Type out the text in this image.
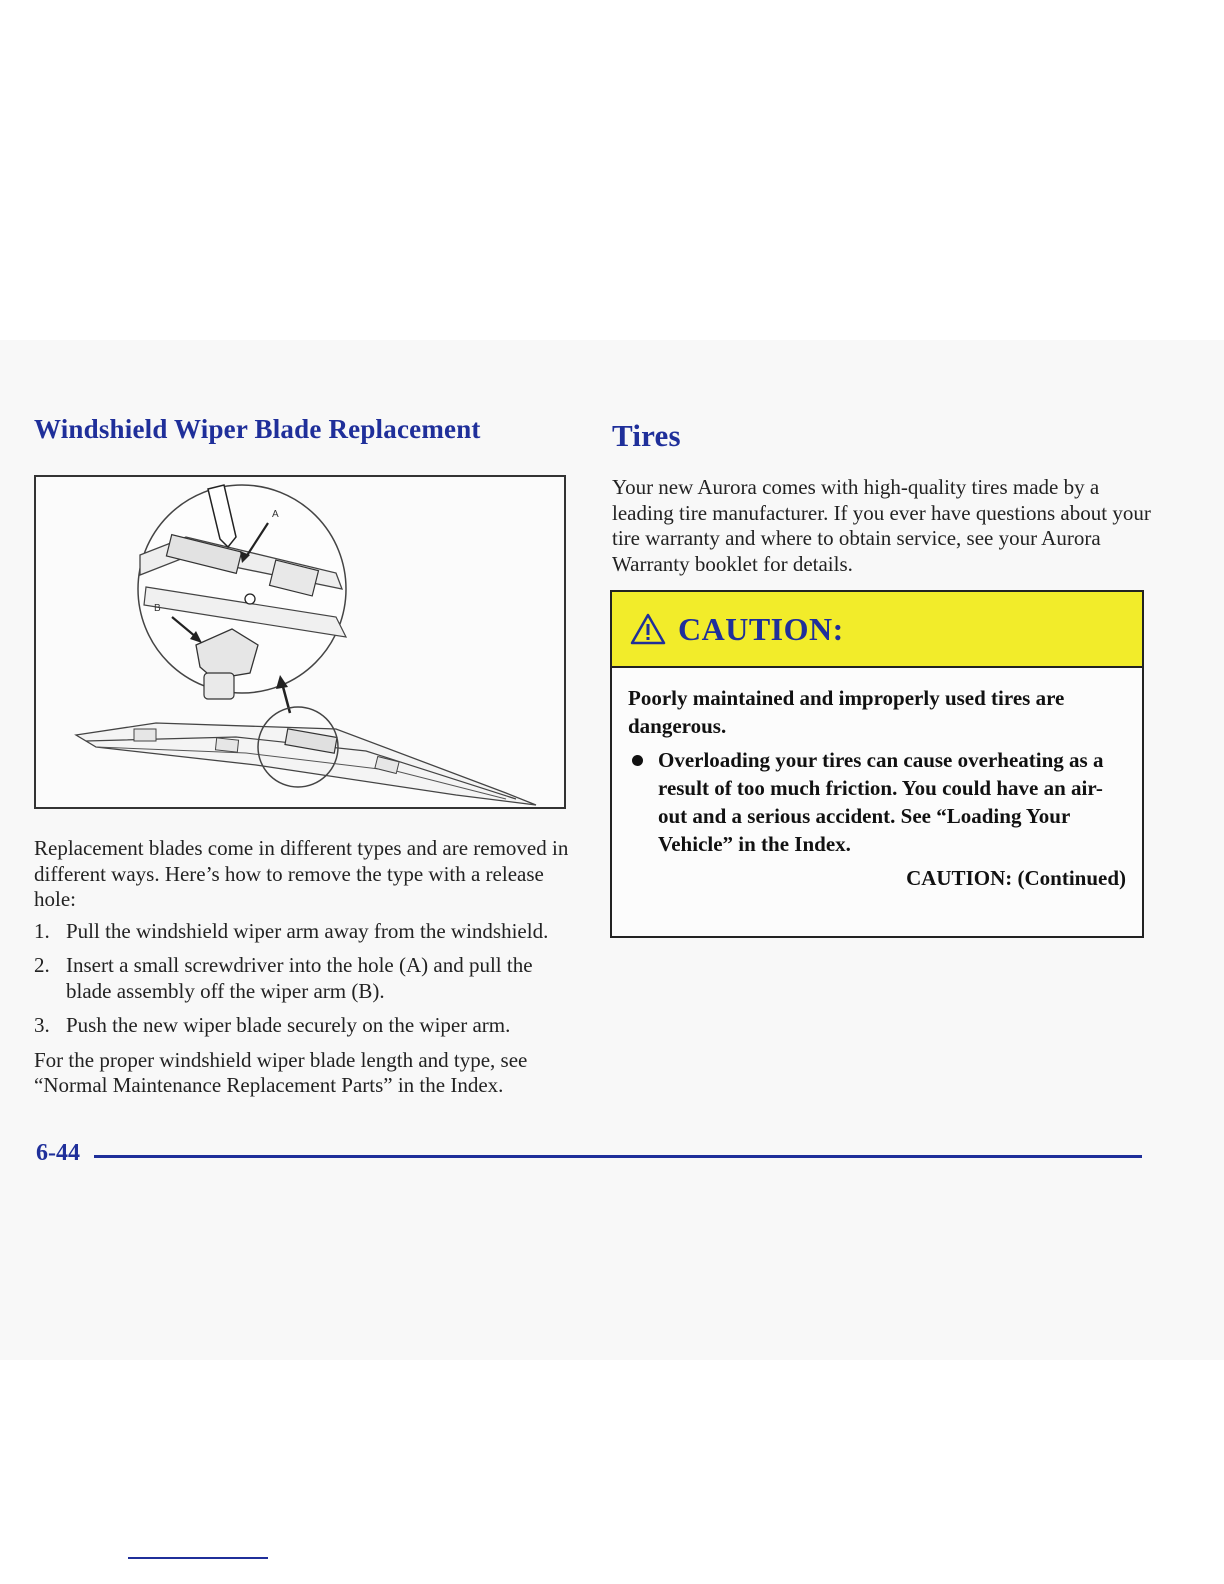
Windshield Wiper Blade Replacement
A
B

Replacement blades come in different types and are removed in different ways. Here’s how to remove the type with a release hole:

1. Pull the windshield wiper arm away from the windshield.
2. Insert a small screwdriver into the hole (A) and pull the blade assembly off the wiper arm (B).
3. Push the new wiper blade securely on the wiper arm.

For the proper windshield wiper blade length and type, see “Normal Maintenance Replacement Parts” in the Index.

Tires

Your new Aurora comes with high-quality tires made by a leading tire manufacturer. If you ever have questions about your tire warranty and where to obtain service, see your Aurora Warranty booklet for details.

CAUTION:

Poorly maintained and improperly used tires are dangerous.

Overloading your tires can cause overheating as a result of too much friction. You could have an air-out and a serious accident. See “Loading Your Vehicle” in the Index.
CAUTION: (Continued)
6-44
